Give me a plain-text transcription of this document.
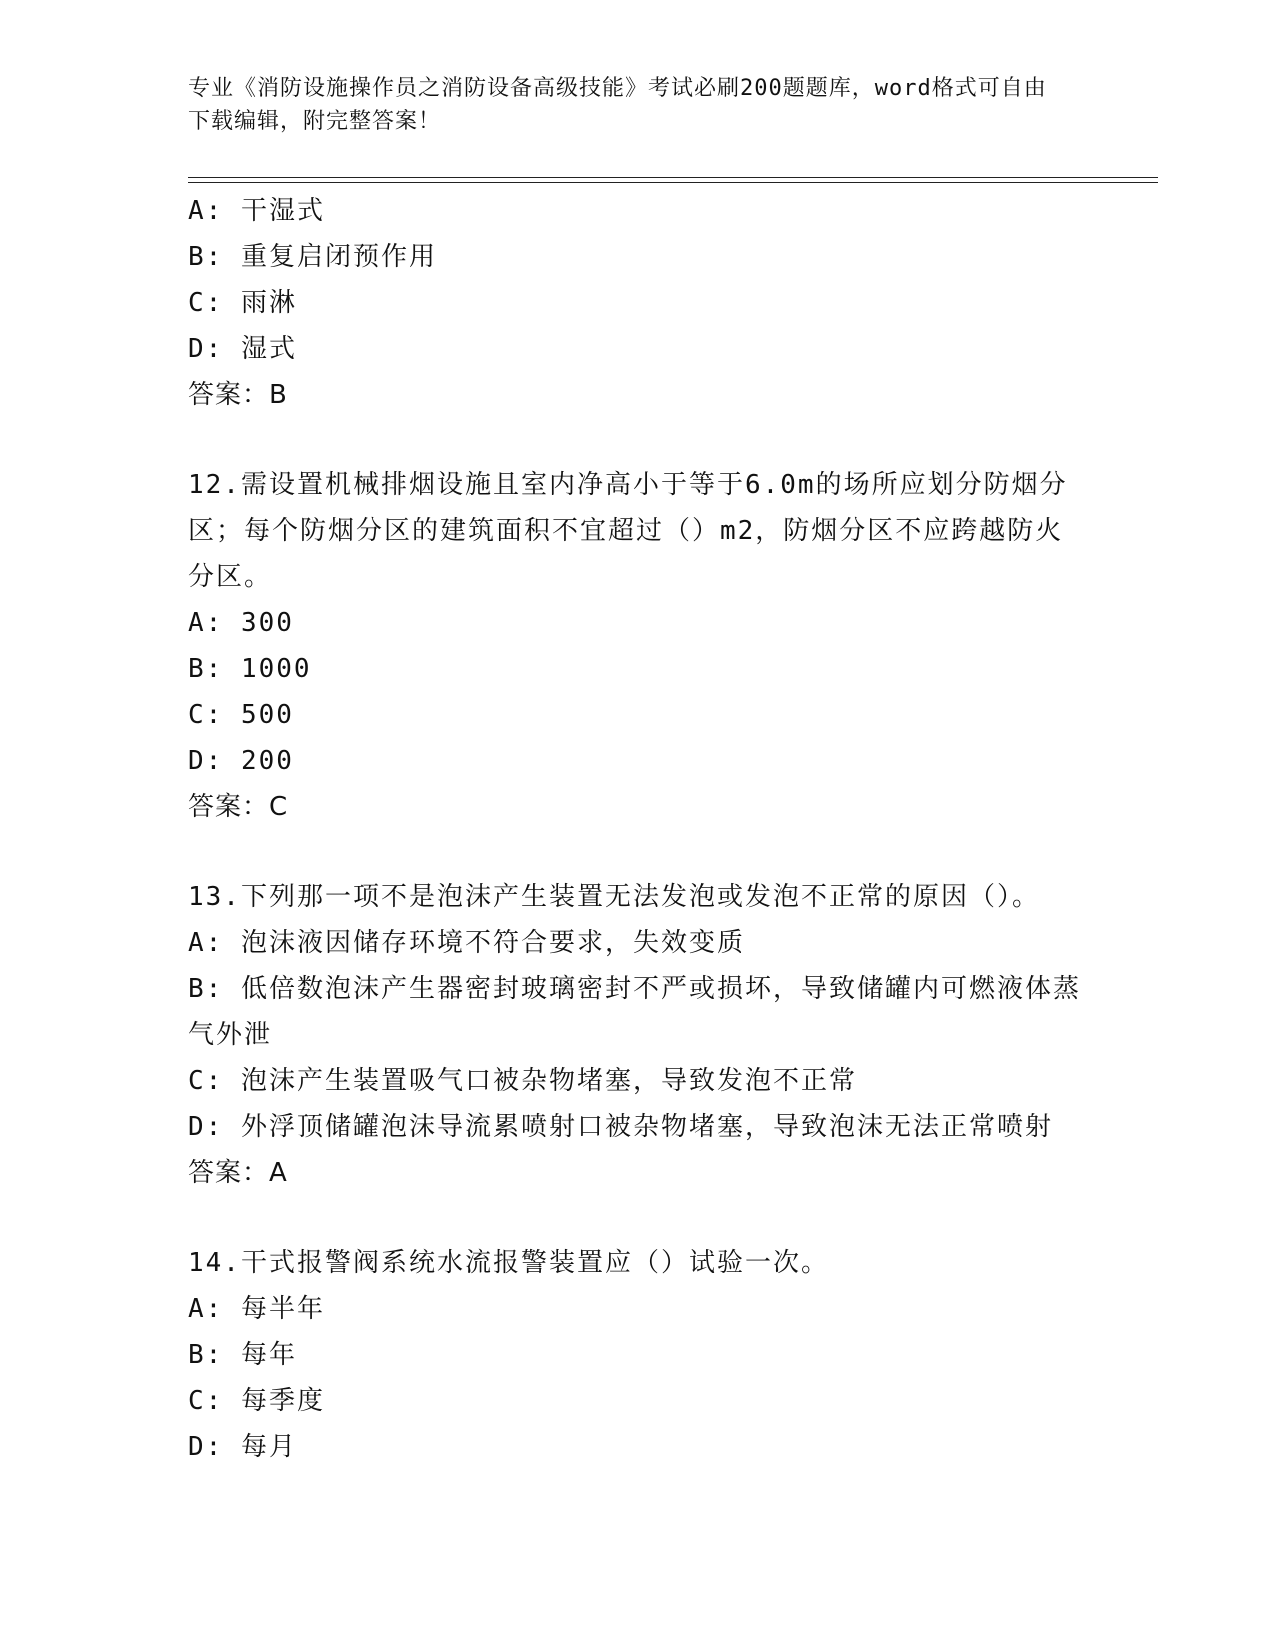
专业《消防设施操作员之消防设备高级技能》考试必刷200题题库，word格式可自由下载编辑，附完整答案！

A: 干湿式

B: 重复启闭预作用

C: 雨淋

D: 湿式

答案：B

12.需设置机械排烟设施且室内净高小于等于6.0m的场所应划分防烟分区；每个防烟分区的建筑面积不宜超过（）m2，防烟分区不应跨越防火分区。

A: 300

B: 1000

C: 500

D: 200

答案：C

13.下列那一项不是泡沫产生装置无法发泡或发泡不正常的原因（）。

A: 泡沫液因储存环境不符合要求，失效变质

B: 低倍数泡沫产生器密封玻璃密封不严或损坏，导致储罐内可燃液体蒸气外泄

C: 泡沫产生装置吸气口被杂物堵塞，导致发泡不正常

D: 外浮顶储罐泡沫导流累喷射口被杂物堵塞，导致泡沫无法正常喷射

答案：A

14.干式报警阀系统水流报警装置应（）试验一次。

A: 每半年

B: 每年

C: 每季度

D: 每月
